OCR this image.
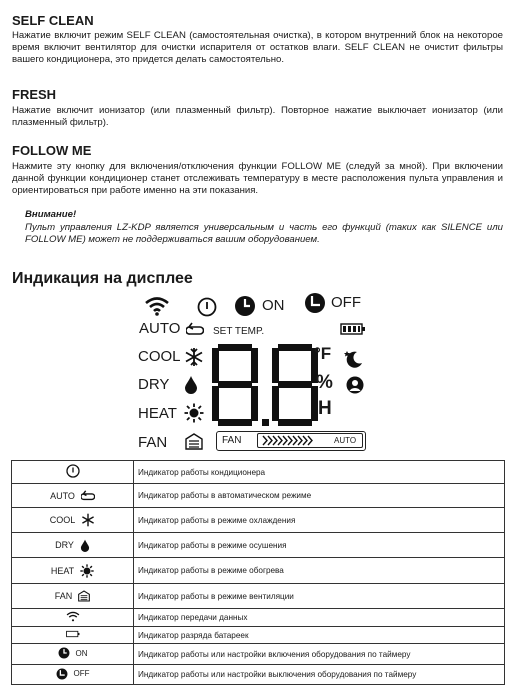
SELF CLEAN

Нажатие включит режим SELF CLEAN (самостоятельная очистка), в котором внутренний блок на некоторое время включит вентилятор для очистки испарителя от остатков влаги. SELF CLEAN не очистит фильтры вашего кондиционера, это придется делать самостоятельно.

FRESH

Нажатие включит ионизатор (или плазменный фильтр). Повторное нажатие выключает ионизатор (или плазменный фильтр).

FOLLOW ME

Нажмите эту кнопку для включения/отключения функции FOLLOW ME (следуй за мной). При включении данной функции кондиционер станет отслеживать температуру в месте расположения пульта управления и ориентироваться при работе именно на эти показания.

Внимание!
Пульт управления LZ-KDP является универсальным и часть его функций (таких как SILENCE или FOLLOW ME) может не поддерживаться вашим оборудованием.
Индикация на дисплее
ON	OFF
AUTO	SET TEMP.
COOL
DRY
HEAT
FAN
8.8	°F
%
H
FAN	AUTO
	Индикатор работы кондиционера

AUTO	Индикатор работы в автоматическом режиме

COOL	Индикатор работы в режиме охлаждения

DRY	Индикатор работы в режиме осушения

HEAT	Индикатор работы в режиме обогрева

FAN	Индикатор работы в режиме вентиляции

	Индикатор передачи данных

	Индикатор разряда батареек

ON	Индикатор работы или настройки включения оборудования по таймеру

OFF	Индикатор работы или настройки выключения оборудования по таймеру
